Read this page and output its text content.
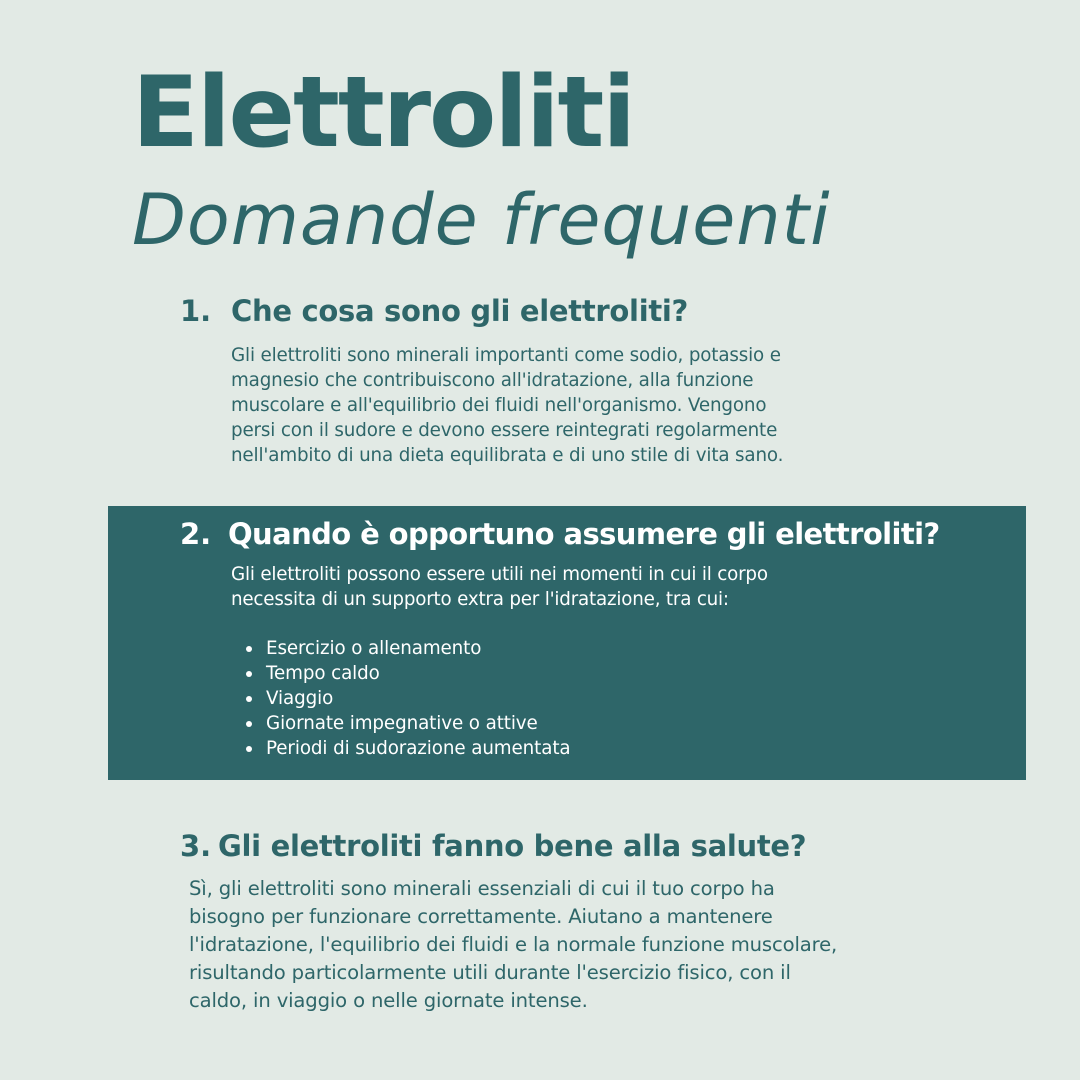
Elettroliti
Domande frequenti
1. Che cosa sono gli elettroliti?

Gli elettroliti sono minerali importanti come sodio, potassio e
magnesio che contribuiscono all'idratazione, alla funzione
muscolare e all'equilibrio dei fluidi nell'organismo. Vengono
persi con il sudore e devono essere reintegrati regolarmente
nell'ambito di una dieta equilibrata e di uno stile di vita sano.

2. Quando è opportuno assumere gli elettroliti?

Gli elettroliti possono essere utili nei momenti in cui il corpo
necessita di un supporto extra per l'idratazione, tra cui:

Esercizio o allenamento
Tempo caldo
Viaggio
Giornate impegnative o attive
Periodi di sudorazione aumentata
3. Gli elettroliti fanno bene alla salute?

Sì, gli elettroliti sono minerali essenziali di cui il tuo corpo ha
bisogno per funzionare correttamente. Aiutano a mantenere
l'idratazione, l'equilibrio dei fluidi e la normale funzione muscolare,
risultando particolarmente utili durante l'esercizio fisico, con il
caldo, in viaggio o nelle giornate intense.
